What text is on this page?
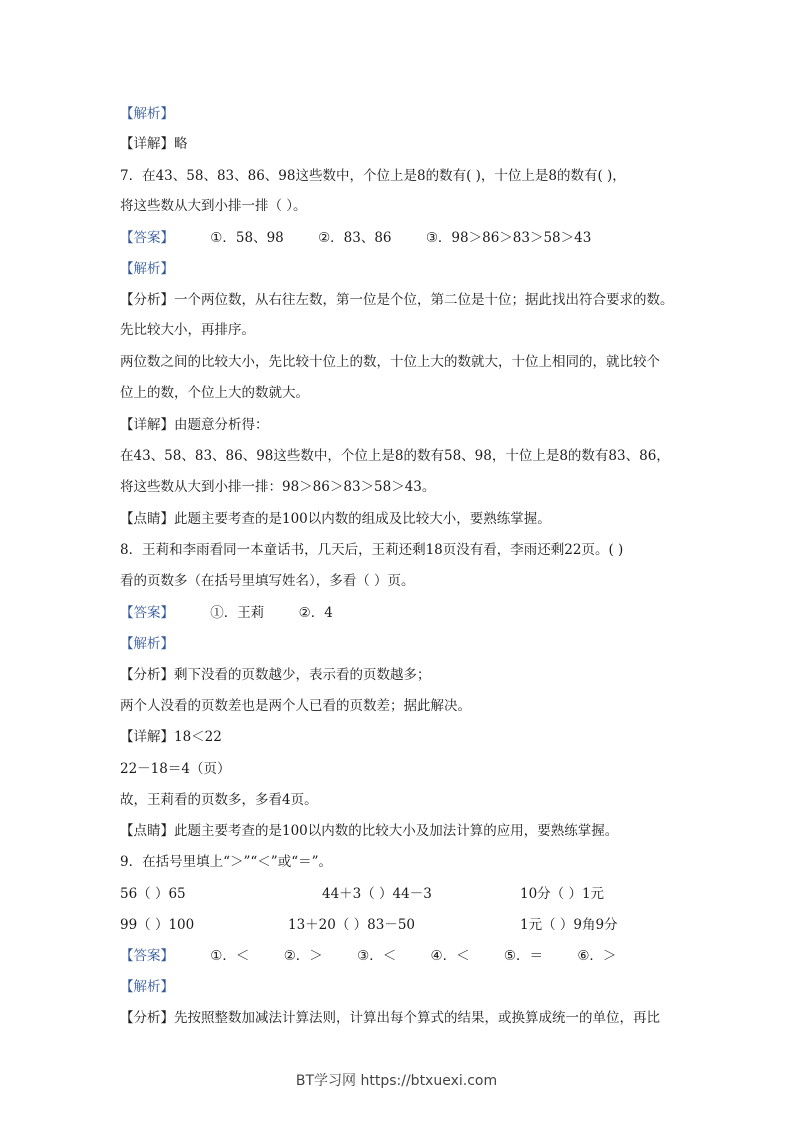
【解析】
【详解】略
7．在43、58、83、86、98这些数中，个位上是8的数有( )，十位上是8的数有( )，
将这些数从大到小排一排（ ）。
【答案】	①．58、98	②．83、86	③．98＞86＞83＞58＞43
【解析】
【分析】一个两位数，从右往左数，第一位是个位，第二位是十位；据此找出符合要求的数。
先比较大小，再排序。
两位数之间的比较大小，先比较十位上的数，十位上大的数就大，十位上相同的，就比较个
位上的数，个位上大的数就大。
【详解】由题意分析得：
在43、58、83、86、98这些数中，个位上是8的数有58、98，十位上是8的数有83、86，
将这些数从大到小排一排：98＞86＞83＞58＞43。
【点睛】此题主要考查的是100以内数的组成及比较大小，要熟练掌握。
8．王莉和李雨看同一本童话书，几天后，王莉还剩18页没有看，李雨还剩22页。( )
看的页数多（在括号里填写姓名），多看（ ）页。
【答案】	①．王莉	②．4
【解析】
【分析】剩下没看的页数越少，表示看的页数越多；
两个人没看的页数差也是两个人已看的页数差；据此解决。
【详解】18＜22
22－18＝4（页）
故，王莉看的页数多，多看4页。
【点睛】此题主要考查的是100以内数的比较大小及加法计算的应用，要熟练掌握。
9．在括号里填上“＞”“＜”或“＝”。
56（ ）65	44＋3（ ）44－3	10分（ ）1元
99（ ）100	13＋20（ ）83－50	1元（ ）9角9分
【答案】	①．＜	②．＞	③．＜	④．＜	⑤．＝	⑥．＞
【解析】
【分析】先按照整数加减法计算法则，计算出每个算式的结果，或换算成统一的单位，再比
BT学习网 https://btxuexi.com
